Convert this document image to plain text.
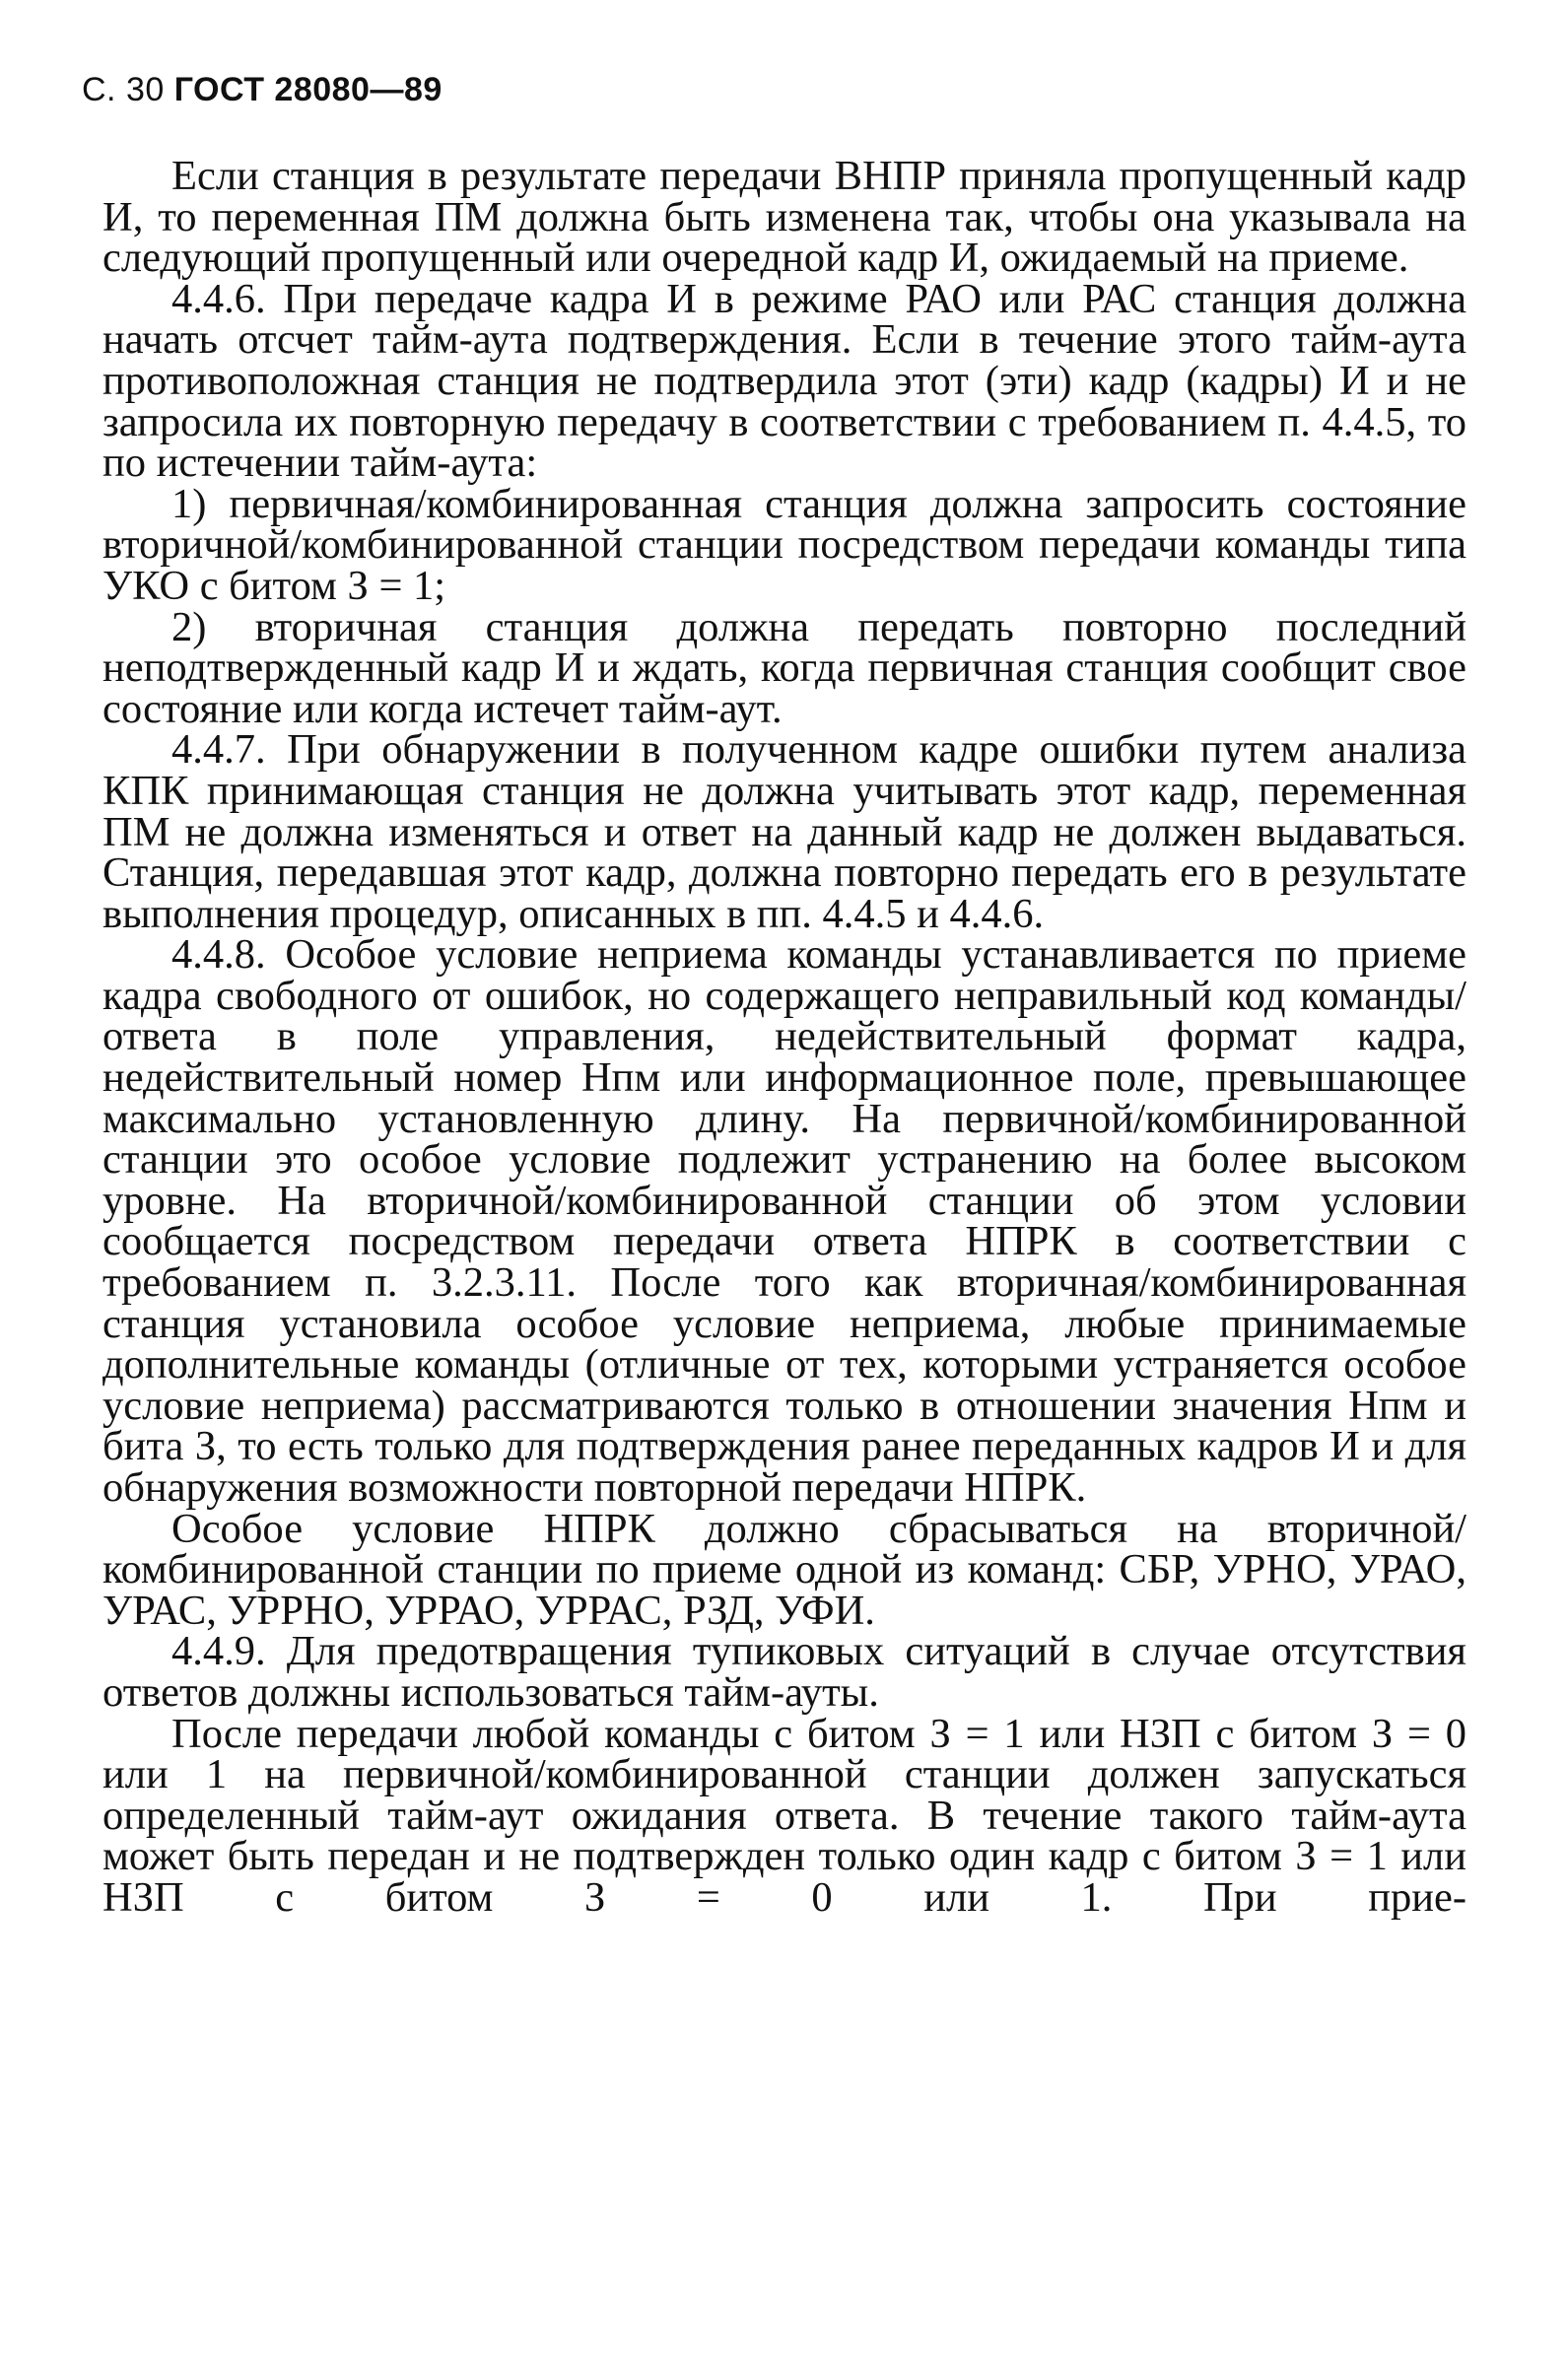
С. 30 ГОСТ 28080—89

Если станция в результате передачи ВНПР приняла пропущенный кадр И, то переменная ПМ должна быть изменена так, чтобы она указывала на следующий пропущенный или очередной кадр И, ожидаемый на приеме.

4.4.6. При передаче кадра И в режиме РАО или РАС станция должна начать отсчет тайм-аута подтверждения. Если в течение этого тайм-аута противоположная станция не подтвердила этот (эти) кадр (кадры) И и не запросила их повторную передачу в соответствии с требованием п. 4.4.5, то по истечении тайм-аута:

1) первичная/комбинированная станция должна запросить состояние вторичной/комбинированной станции посредством передачи команды типа УКО с битом З = 1;

2) вторичная станция должна передать повторно последний неподтвержденный кадр И и ждать, когда первичная станция сообщит свое состояние или когда истечет тайм-аут.

4.4.7. При обнаружении в полученном кадре ошибки путем анализа КПК принимающая станция не должна учитывать этот кадр, переменная ПМ не должна изменяться и ответ на данный кадр не должен выдаваться. Станция, передавшая этот кадр, должна повторно передать его в результате выполнения процедур, описанных в пп. 4.4.5 и 4.4.6.

4.4.8. Особое условие неприема команды устанавливается по приеме кадра свободного от ошибок, но содержащего неправильный код команды/ответа в поле управления, недействительный формат кадра, недействительный номер Нпм или информационное поле, превышающее максимально установленную длину. На первичной/комбинированной станции это особое условие подлежит устранению на более высоком уровне. На вторичной/комбинированной станции об этом условии сообщается посредством передачи ответа НПРК в соответствии с требованием п. 3.2.3.11. После того как вторичная/комбинированная станция установила особое условие неприема, любые принимаемые дополнительные команды (отличные от тех, которыми устраняется особое условие неприема) рассматриваются только в отношении значения Нпм и бита З, то есть только для подтверждения ранее переданных кадров И и для обнаружения возможности повторной передачи НПРК.

Особое условие НПРК должно сбрасываться на вторичной/комбинированной станции по приеме одной из команд: СБР, УРНО, УРАО, УРАС, УРРНО, УРРАО, УРРАС, РЗД, УФИ.

4.4.9. Для предотвращения тупиковых ситуаций в случае отсутствия ответов должны использоваться тайм-ауты.

После передачи любой команды с битом З = 1 или НЗП с битом З = 0 или 1 на первичной/комбинированной станции должен запускаться определенный тайм-аут ожидания ответа. В течение такого тайм-аута может быть передан и не подтвержден только один кадр с битом З = 1 или НЗП с битом З = 0 или 1. При прие-
